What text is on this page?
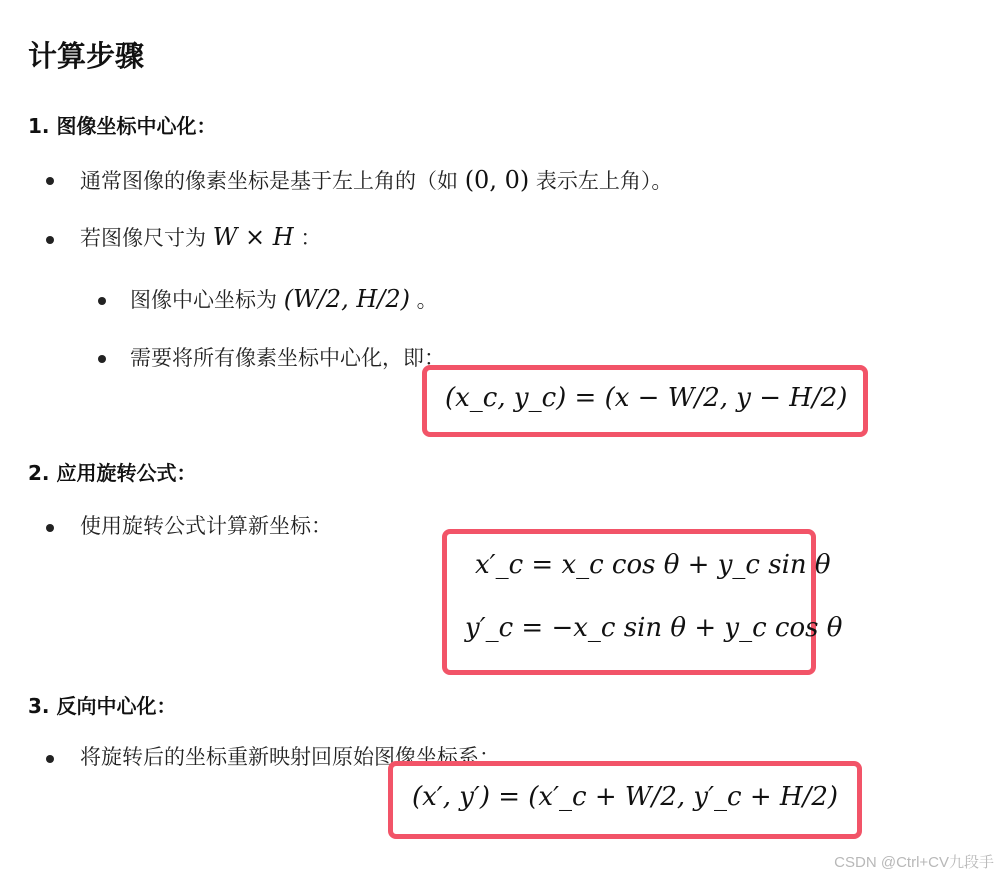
计算步骤
1. 图像坐标中心化：
通常图像的像素坐标是基于左上角的（如 (0, 0) 表示左上角）。
若图像尺寸为 W × H ：
图像中心坐标为 (W/2, H/2) 。
需要将所有像素坐标中心化，即：
(x_c, y_c) = (x − W/2, y − H/2)
2. 应用旋转公式：
使用旋转公式计算新坐标：
x′_c = x_c cos θ + y_c sin θ
y′_c = −x_c sin θ + y_c cos θ
3. 反向中心化：
将旋转后的坐标重新映射回原始图像坐标系：
(x′, y′) = (x′_c + W/2, y′_c + H/2)
CSDN @Ctrl+CV九段手
